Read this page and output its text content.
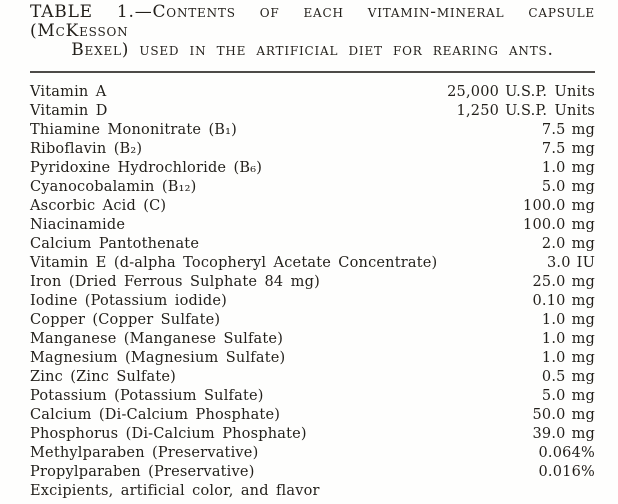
TABLE 1.—Contents of each vitamin-mineral capsule (McKesson
Bexel) used in the artificial diet for rearing ants.
Vitamin A	25,000 U.S.P. Units
Vitamin D	1,250 U.S.P. Units
Thiamine Mononitrate (B₁)	7.5 mg
Riboflavin (B₂)	7.5 mg
Pyridoxine Hydrochloride (B₆)	1.0 mg
Cyanocobalamin (B₁₂)	5.0 mg
Ascorbic Acid (C)	100.0 mg
Niacinamide	100.0 mg
Calcium Pantothenate	2.0 mg
Vitamin E (d-alpha Tocopheryl Acetate Concentrate)	3.0 IU
Iron (Dried Ferrous Sulphate 84 mg)	25.0 mg
Iodine (Potassium iodide)	0.10 mg
Copper (Copper Sulfate)	1.0 mg
Manganese (Manganese Sulfate)	1.0 mg
Magnesium (Magnesium Sulfate)	1.0 mg
Zinc (Zinc Sulfate)	0.5 mg
Potassium (Potassium Sulfate)	5.0 mg
Calcium (Di-Calcium Phosphate)	50.0 mg
Phosphorus (Di-Calcium Phosphate)	39.0 mg
Methylparaben (Preservative)	0.064%
Propylparaben (Preservative)	0.016%
Excipients, artificial color, and flavor
